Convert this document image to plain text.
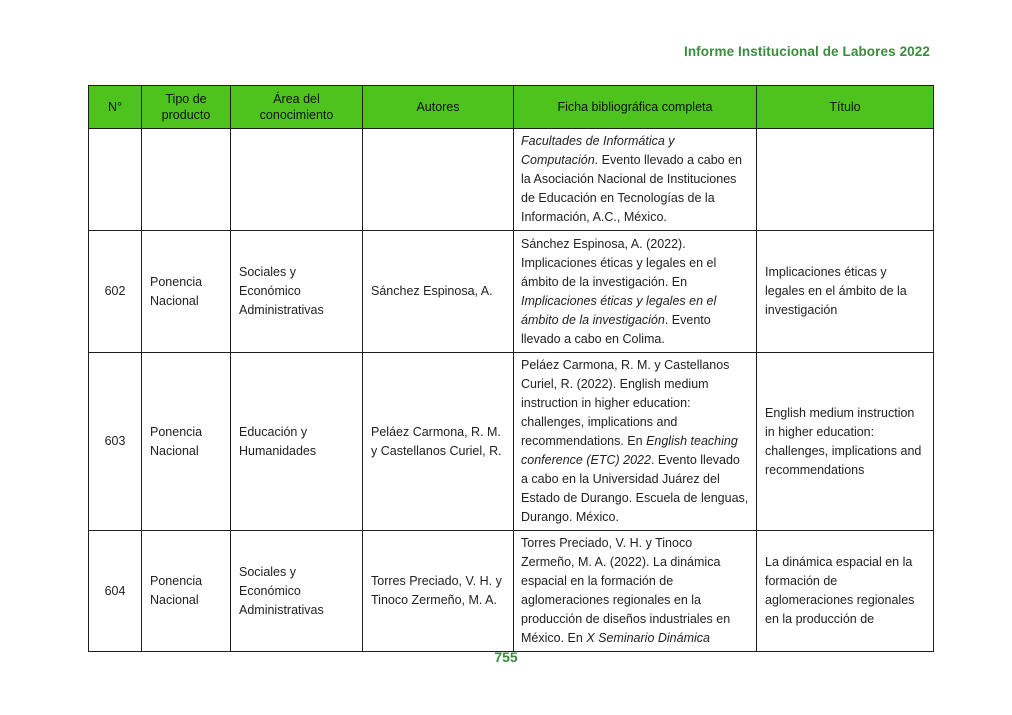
Informe Institucional de Labores 2022
N°	Tipo de producto	Área del conocimiento	Autores	Ficha bibliográfica completa	Título
				Facultades de Informática y Computación. Evento llevado a cabo en la Asociación Nacional de Instituciones de Educación en Tecnologías de la Información, A.C., México.	
602	Ponencia Nacional	Sociales y Económico Administrativas	Sánchez Espinosa, A.	Sánchez Espinosa, A. (2022). Implicaciones éticas y legales en el ámbito de la investigación. En Implicaciones éticas y legales en el ámbito de la investigación. Evento llevado a cabo en Colima.	Implicaciones éticas y legales en el ámbito de la investigación
603	Ponencia Nacional	Educación y Humanidades	Peláez Carmona, R. M. y Castellanos Curiel, R.	Peláez Carmona, R. M. y Castellanos Curiel, R. (2022). English medium instruction in higher education: challenges, implications and recommendations. En English teaching conference (ETC) 2022. Evento llevado a cabo en la Universidad Juárez del Estado de Durango. Escuela de lenguas, Durango. México.	English medium instruction in higher education: challenges, implications and recommendations
604	Ponencia Nacional	Sociales y Económico Administrativas	Torres Preciado, V. H. y Tinoco Zermeño, M. A.	Torres Preciado, V. H. y Tinoco Zermeño, M. A. (2022). La dinámica espacial en la formación de aglomeraciones regionales en la producción de diseños industriales en México. En X Seminario Dinámica	La dinámica espacial en la formación de aglomeraciones regionales en la producción de
755
